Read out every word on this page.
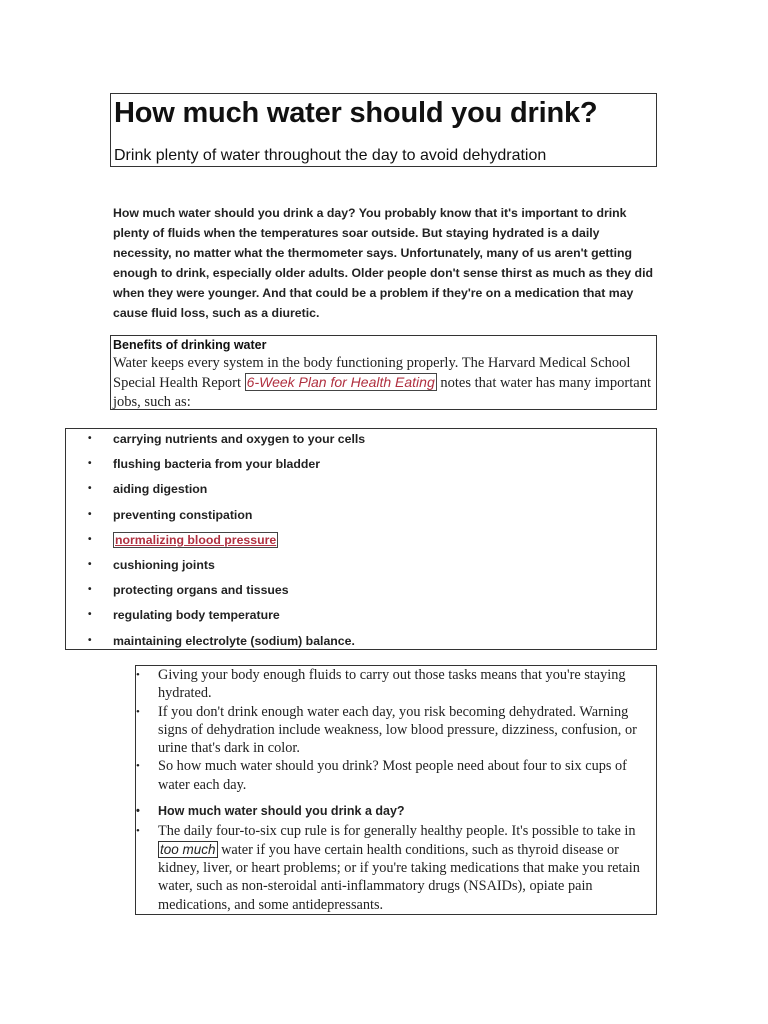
How much water should you drink?

Drink plenty of water throughout the day to avoid dehydration

How much water should you drink a day? You probably know that it's important to drink plenty of fluids when the temperatures soar outside. But staying hydrated is a daily necessity, no matter what the thermometer says. Unfortunately, many of us aren't getting enough to drink, especially older adults. Older people don't sense thirst as much as they did when they were younger. And that could be a problem if they're on a medication that may cause fluid loss, such as a diuretic.
Benefits of drinking water
Water keeps every system in the body functioning properly. The Harvard Medical School Special Health Report 6-Week Plan for Health Eating notes that water has many important jobs, such as:
• carrying nutrients and oxygen to your cells
• flushing bacteria from your bladder
• aiding digestion
• preventing constipation
• normalizing blood pressure
• cushioning joints
• protecting organs and tissues
• regulating body temperature
• maintaining electrolyte (sodium) balance.
• Giving your body enough fluids to carry out those tasks means that you're staying hydrated.
• If you don't drink enough water each day, you risk becoming dehydrated. Warning signs of dehydration include weakness, low blood pressure, dizziness, confusion, or urine that's dark in color.
• So how much water should you drink? Most people need about four to six cups of water each day.
• How much water should you drink a day?
• The daily four-to-six cup rule is for generally healthy people. It's possible to take in too much water if you have certain health conditions, such as thyroid disease or kidney, liver, or heart problems; or if you're taking medications that make you retain water, such as non-steroidal anti-inflammatory drugs (NSAIDs), opiate pain medications, and some antidepressants.
